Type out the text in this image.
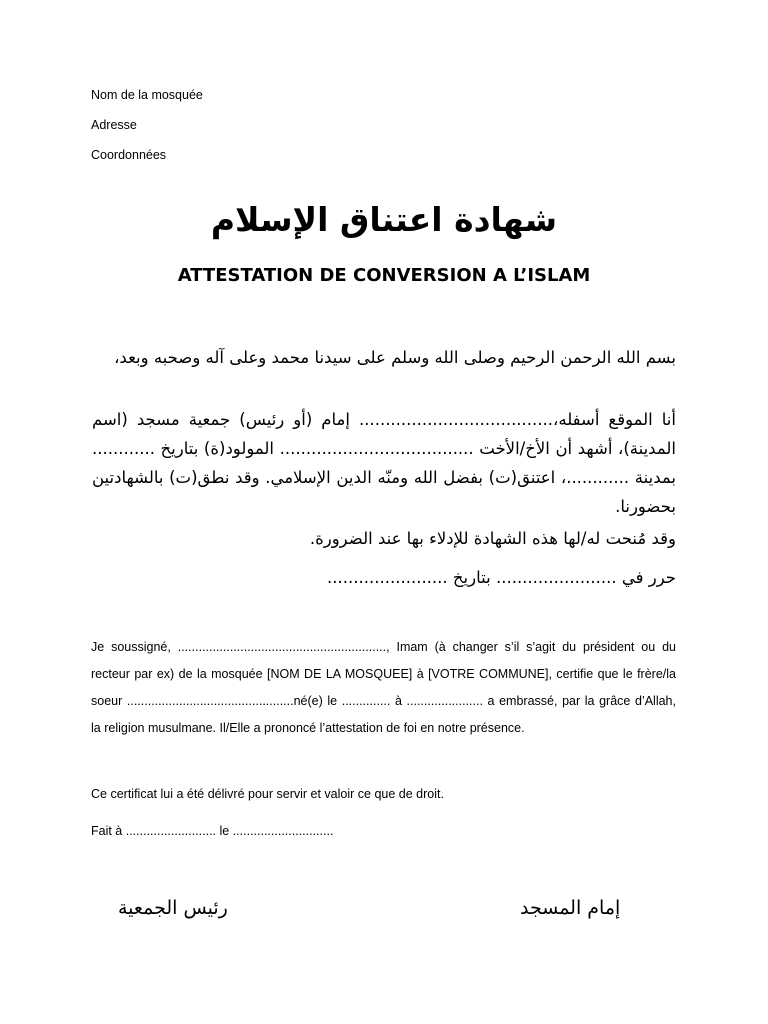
Nom de la mosquée
Adresse
Coordonnées
شهادة اعتناق الإسلام
ATTESTATION DE CONVERSION A L’ISLAM
بسم الله الرحمن الرحيم وصلى الله وسلم على سيدنا محمد وعلى آله وصحبه وبعد،
أنا الموقع أسفله،..................................... إمام (أو رئيس) جمعية مسجد (اسم المدينة)، أشهد أن الأخ/الأخت ..................................... المولود(ة) بتاريخ ............ بمدينة ............، اعتنق(ت) بفضل الله ومنّه الدين الإسلامي. وقد نطق(ت) بالشهادتين بحضورنا.
وقد مُنحت له/لها هذه الشهادة للإدلاء بها عند الضرورة.
حرر في ....................... بتاريخ .......................
Je soussigné, ............................................................, Imam (à changer s’il s’agit du président ou du recteur par ex) de la mosquée [NOM DE LA MOSQUEE] à [VOTRE COMMUNE], certifie que le frère/la soeur ................................................né(e) le .............. à ...................... a embrassé, par la grâce d’Allah, la religion musulmane. Il/Elle a prononcé l’attestation de foi en notre présence.
Ce certificat lui a été délivré pour servir et valoir ce que de droit.
Fait à .......................... le .............................
رئيس الجمعية	إمام المسجد
